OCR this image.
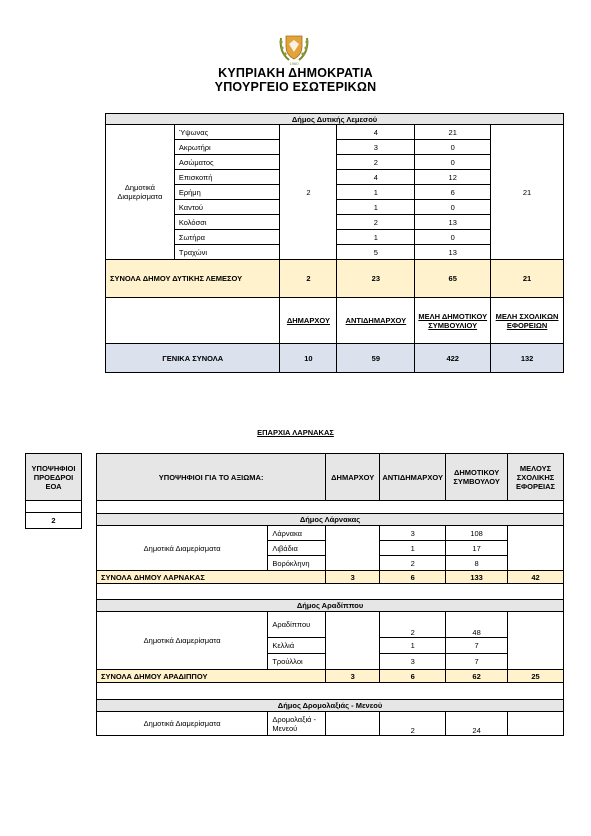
1960
ΚΥΠΡΙΑΚΗ ΔΗΜΟΚΡΑΤΙΑ
ΥΠΟΥΡΓΕΙΟ ΕΣΩΤΕΡΙΚΩΝ
Δήμος Δυτικής Λεμεσού					
Δημοτικά Διαμερίσματα	Ύψωνας	2	4	21	21
	Ακρωτήρι		3	0	
	Ασώματος		2	0	
	Επισκοπή		4	12	
	Ερήμη		1	6	
	Καντού		1	0	
	Κολόσσι		2	13	
	Σωτήρα		1	0	
	Τραχώνι		5	13	
ΣΥΝΟΛΑ ΔΗΜΟΥ ΔΥΤΙΚΗΣ ΛΕΜΕΣΟΥ		2	23	65	21
		ΔΗΜΑΡΧΟΥ	ΑΝΤΙΔΗΜΑΡΧΟΥ	ΜΕΛΗ ΔΗΜΟΤΙΚΟΥ ΣΥΜΒΟΥΛΙΟΥ	ΜΕΛΗ ΣΧΟΛΙΚΩΝ ΕΦΟΡΕΙΩΝ
ΓΕΝΙΚΑ ΣΥΝΟΛΑ		10	59	422	132
ΕΠΑΡΧΙΑ ΛΑΡΝΑΚΑΣ
ΥΠΟΨΗΦΙΟΙ ΠΡΟΕΔΡΟΙ ΕΟΑ

2
ΥΠΟΨΗΦΙΟΙ ΓΙΑ ΤΟ ΑΞΙΩΜΑ:		ΔΗΜΑΡΧΟΥ	ΑΝΤΙΔΗΜΑΡΧΟΥ	ΔΗΜΟΤΙΚΟΥ ΣΥΜΒΟΥΛΟΥ	ΜΕΛΟΥΣ ΣΧΟΛΙΚΗΣ ΕΦΟΡΕΙΑΣ

Δήμος Λάρνακας					
Δημοτικά Διαμερίσματα	Λάρνακα		3	108	
	Λιβάδια		1	17	
	Βορόκληνη		2	8	
ΣΥΝΟΛΑ ΔΗΜΟΥ ΛΑΡΝΑΚΑΣ		3	6	133	42

Δήμος Αραδίππου					
Δημοτικά Διαμερίσματα	Αραδίππου		2	48	
	Κελλιά		1	7	
	Τρούλλοι		3	7	
ΣΥΝΟΛΑ ΔΗΜΟΥ ΑΡΑΔΙΠΠΟΥ		3	6	62	25

Δήμος Δρομολαξιάς - Μενεού					
Δημοτικά Διαμερίσματα	Δρομολαξιά - Μενεού		2	24	
